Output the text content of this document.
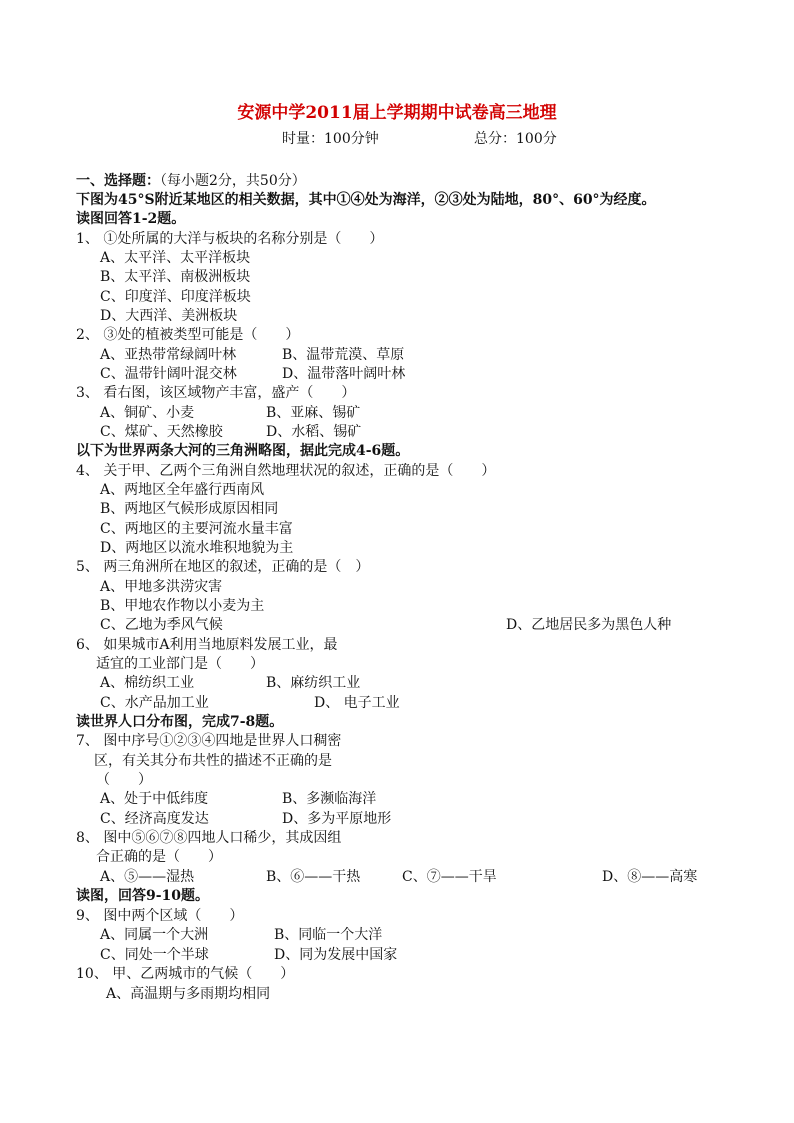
安源中学2011届上学期期中试卷高三地理
时量：100分钟	总分：100分
一、选择题：（每小题2分，共50分）
下图为45°S附近某地区的相关数据，其中①④处为海洋，②③处为陆地，80°、60°为经度。
读图回答1-2题。
1、 ①处所属的大洋与板块的名称分别是（　　）
A、太平洋、太平洋板块
B、太平洋、南极洲板块
C、印度洋、印度洋板块
D、大西洋、美洲板块
2、 ③处的植被类型可能是（　　）
A、亚热带常绿阔叶林	B、温带荒漠、草原
C、温带针阔叶混交林	D、温带落叶阔叶林
3、 看右图，该区域物产丰富，盛产（　　）
A、铜矿、小麦	B、亚麻、锡矿
C、煤矿、天然橡胶	D、水稻、锡矿
以下为世界两条大河的三角洲略图，据此完成4-6题。
4、 关于甲、乙两个三角洲自然地理状况的叙述，正确的是（　　）
A、两地区全年盛行西南风
B、两地区气候形成原因相同
C、两地区的主要河流水量丰富
D、两地区以流水堆积地貌为主
5、 两三角洲所在地区的叙述，正确的是（　）
A、甲地多洪涝灾害
B、甲地农作物以小麦为主
C、乙地为季风气候	D、乙地居民多为黑色人种
6、 如果城市A利用当地原料发展工业，最
适宜的工业部门是（　　）
A、棉纺织工业	B、麻纺织工业
C、水产品加工业	D、 电子工业
读世界人口分布图，完成7-8题。
7、 图中序号①②③④四地是世界人口稠密
区，有关其分布共性的描述不正确的是
（　　）
A、处于中低纬度	B、多濒临海洋
C、经济高度发达	D、多为平原地形
8、 图中⑤⑥⑦⑧四地人口稀少，其成因组
合正确的是（　　）
A、⑤——湿热	B、⑥——干热	C、⑦——干旱	D、⑧——高寒
读图，回答9-10题。
9、 图中两个区域（　　）
A、同属一个大洲	B、同临一个大洋
C、同处一个半球	D、同为发展中国家
10、 甲、乙两城市的气候（　　）
A、高温期与多雨期均相同
